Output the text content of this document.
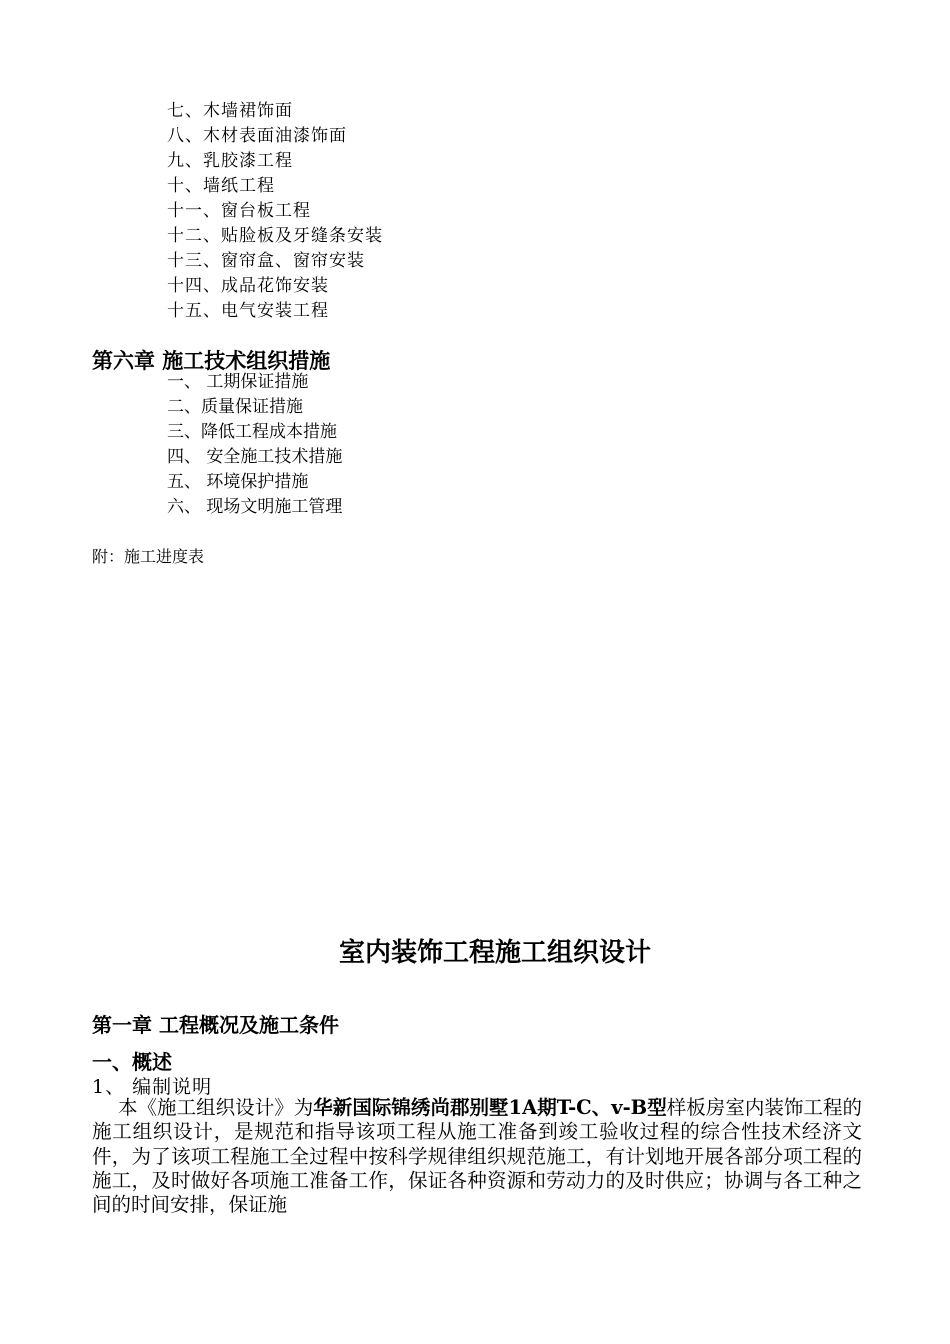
七、木墙裙饰面
八、木材表面油漆饰面
九、乳胶漆工程
十、墙纸工程
十一、窗台板工程
十二、贴脸板及牙缝条安装
十三、窗帘盒、窗帘安装
十四、成品花饰安装
十五、电气安装工程
第六章 施工技术组织措施
一、 工期保证措施
二、质量保证措施
三、降低工程成本措施
四、 安全施工技术措施
五、 环境保护措施
六、 现场文明施工管理
附：施工进度表
室内装饰工程施工组织设计
第一章 工程概况及施工条件
一、概述
1、 编制说明
本《施工组织设计》为华新国际锦绣尚郡别墅1A期T-C、v-B型样板房室内装饰工程的施工组织设计，是规范和指导该项工程从施工准备到竣工验收过程的综合性技术经济文件，为了该项工程施工全过程中按科学规律组织规范施工，有计划地开展各部分项工程的施工，及时做好各项施工准备工作，保证各种资源和劳动力的及时供应；协调与各工种之间的时间安排，保证施
